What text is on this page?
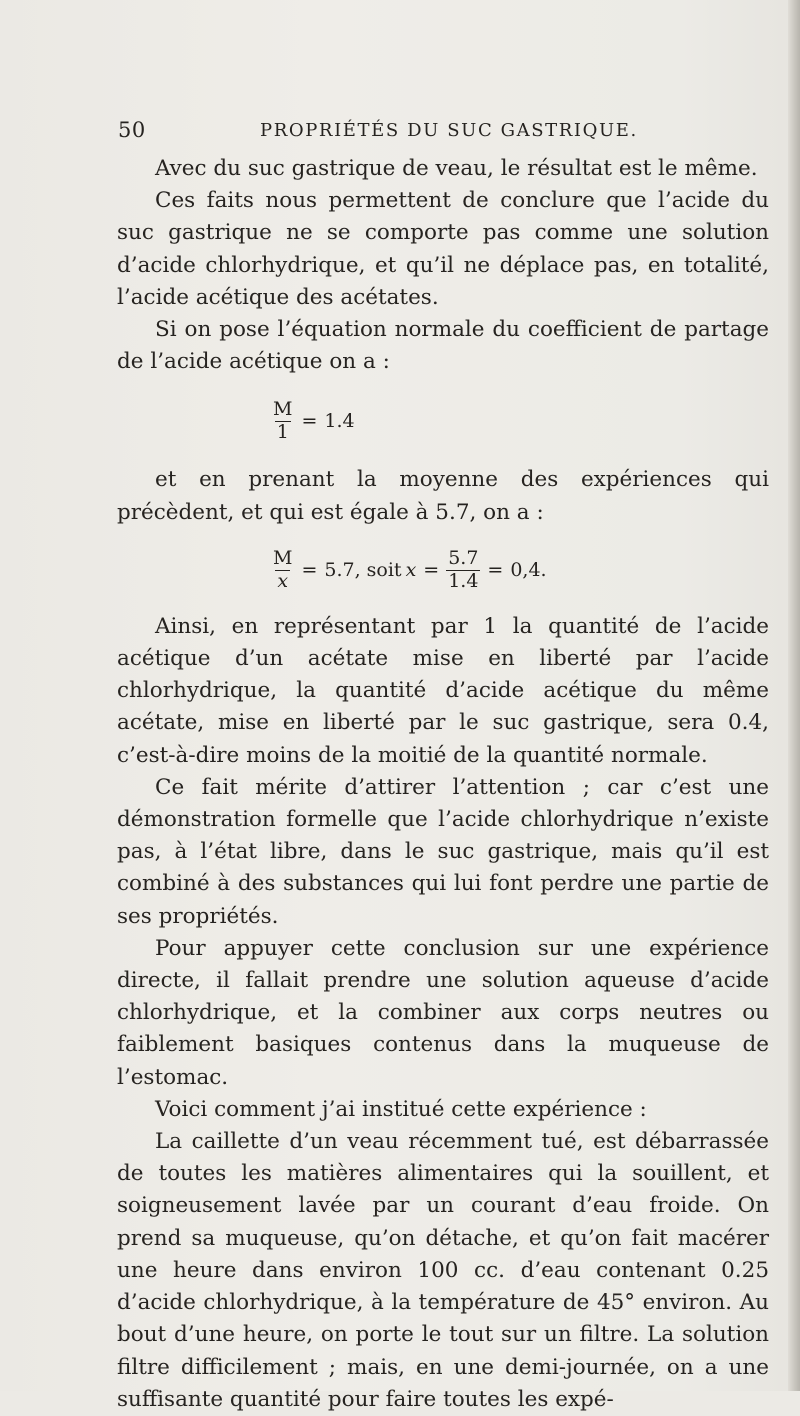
50	PROPRIÉTÉS DU SUC GASTRIQUE.

Avec du suc gastrique de veau, le résultat est le même.

Ces faits nous permettent de conclure que l’acide du suc gastrique ne se comporte pas comme une solution d’acide chlorhydrique, et qu’il ne déplace pas, en totalité, l’acide acétique des acétates.

Si on pose l’équation normale du coefficient de partage de l’acide acétique on a :

$\frac{M}{1} = 1.4$

et en prenant la moyenne des expériences qui précèdent, et qui est égale à 5.7, on a :

$\frac{M}{x} = 5.7$, soit $x = \frac{5.7}{1.4} = 0,4$.

Ainsi, en représentant par 1 la quantité de l’acide acétique d’un acétate mise en liberté par l’acide chlorhydrique, la quantité d’acide acétique du même acétate, mise en liberté par le suc gastrique, sera 0.4, c’est-à-dire moins de la moitié de la quantité normale.

Ce fait mérite d’attirer l’attention ; car c’est une démonstration formelle que l’acide chlorhydrique n’existe pas, à l’état libre, dans le suc gastrique, mais qu’il est combiné à des substances qui lui font perdre une partie de ses propriétés.

Pour appuyer cette conclusion sur une expérience directe, il fallait prendre une solution aqueuse d’acide chlorhydrique, et la combiner aux corps neutres ou faiblement basiques contenus dans la muqueuse de l’estomac.

Voici comment j’ai institué cette expérience :

La caillette d’un veau récemment tué, est débarrassée de toutes les matières alimentaires qui la souillent, et soigneusement lavée par un courant d’eau froide. On prend sa muqueuse, qu’on détache, et qu’on fait macérer une heure dans environ 100 cc. d’eau contenant 0.25 d’acide chlorhydrique, à la température de 45° environ. Au bout d’une heure, on porte le tout sur un filtre. La solution filtre difficilement ; mais, en une demi-journée, on a une suffisante quantité pour faire toutes les expé-
